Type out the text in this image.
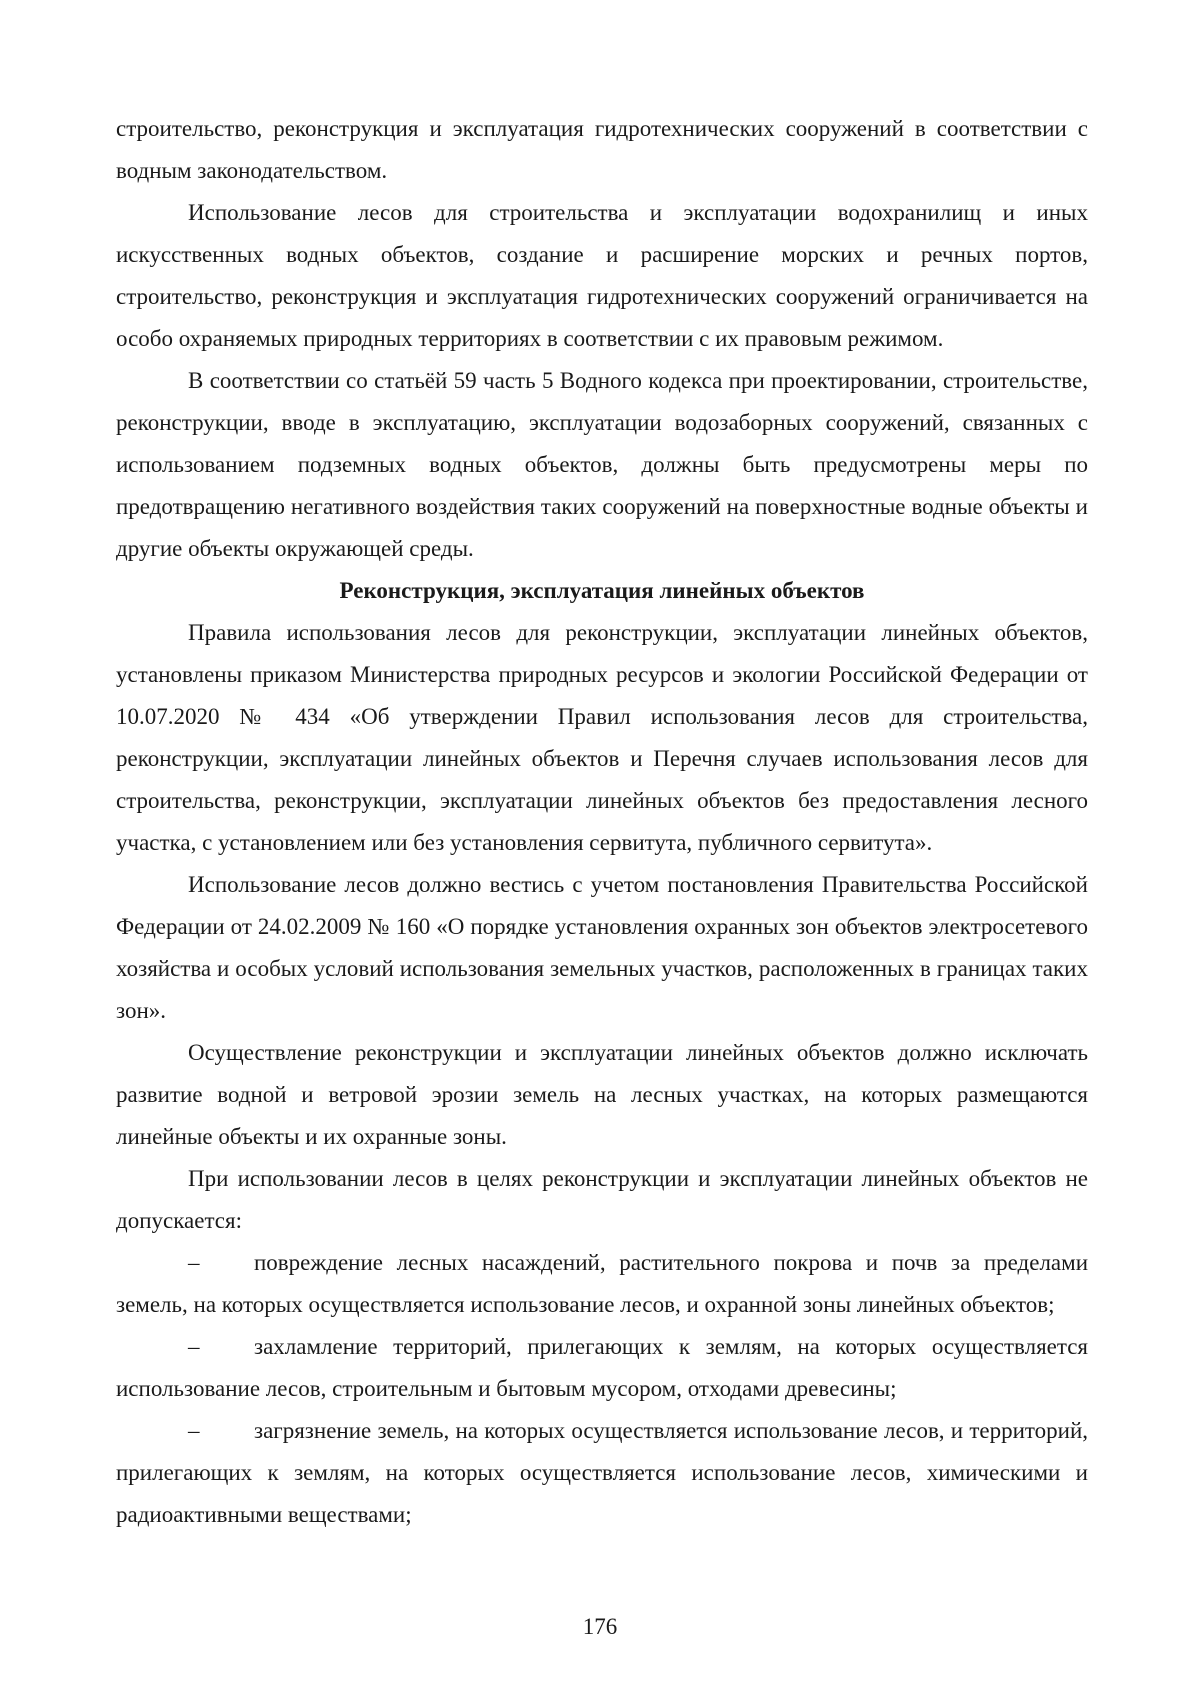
строительство, реконструкция и эксплуатация гидротехнических сооружений в соответствии с водным законодательством.

Использование лесов для строительства и эксплуатации водохранилищ и иных искусственных водных объектов, создание и расширение морских и речных портов, строительство, реконструкция и эксплуатация гидротехнических сооружений ограничивается на особо охраняемых природных территориях в соответствии с их правовым режимом.

В соответствии со статьёй 59 часть 5 Водного кодекса при проектировании, строительстве, реконструкции, вводе в эксплуатацию, эксплуатации водозаборных сооружений, связанных с использованием подземных водных объектов, должны быть предусмотрены меры по предотвращению негативного воздействия таких сооружений на поверхностные водные объекты и другие объекты окружающей среды.

Реконструкция, эксплуатация линейных объектов

Правила использования лесов для реконструкции, эксплуатации линейных объектов, установлены приказом Министерства природных ресурсов и экологии Российской Федерации от 10.07.2020 № 434 «Об утверждении Правил использования лесов для строительства, реконструкции, эксплуатации линейных объектов и Перечня случаев использования лесов для строительства, реконструкции, эксплуатации линейных объектов без предоставления лесного участка, с установлением или без установления сервитута, публичного сервитута».

Использование лесов должно вестись с учетом постановления Правительства Российской Федерации от 24.02.2009 № 160 «О порядке установления охранных зон объектов электросетевого хозяйства и особых условий использования земельных участков, расположенных в границах таких зон».

Осуществление реконструкции и эксплуатации линейных объектов должно исключать развитие водной и ветровой эрозии земель на лесных участках, на которых размещаются линейные объекты и их охранные зоны.

При использовании лесов в целях реконструкции и эксплуатации линейных объектов не допускается:

– повреждение лесных насаждений, растительного покрова и почв за пределами земель, на которых осуществляется использование лесов, и охранной зоны линейных объектов;

– захламление территорий, прилегающих к землям, на которых осуществляется использование лесов, строительным и бытовым мусором, отходами древесины;

– загрязнение земель, на которых осуществляется использование лесов, и территорий, прилегающих к землям, на которых осуществляется использование лесов, химическими и радиоактивными веществами;

176
